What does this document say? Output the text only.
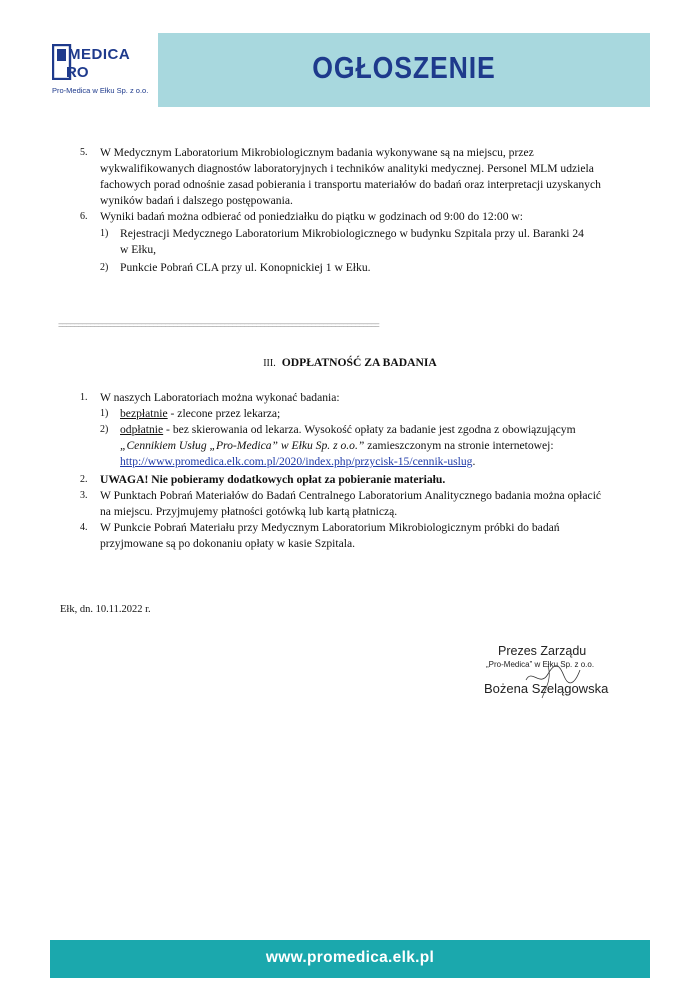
MEDICA
RO
Pro-Medica w Ełku Sp. z o.o.
OGŁOSZENIE
5. W Medycznym Laboratorium Mikrobiologicznym badania wykonywane są na miejscu, przez
wykwalifikowanych diagnostów laboratoryjnych i techników analityki medycznej. Personel MLM udziela
fachowych porad odnośnie zasad pobierania i transportu materiałów do badań oraz interpretacji uzyskanych
wyników badań i dalszego postępowania.
6. Wyniki badań można odbierać od poniedziałku do piątku w godzinach od 9:00 do 12:00 w:
1) Rejestracji Medycznego Laboratorium Mikrobiologicznego w budynku Szpitala przy ul. Baranki 24
w Ełku,
2) Punkcie Pobrań CLA przy ul. Konopnickiej 1 w Ełku.
=================================================================================
III. ODPŁATNOŚĆ ZA BADANIA
1. W naszych Laboratoriach można wykonać badania:
1) bezpłatnie - zlecone przez lekarza;
2) odpłatnie - bez skierowania od lekarza. Wysokość opłaty za badanie jest zgodna z obowiązującym
„Cennikiem Usług „Pro-Medica” w Ełku Sp. z o.o.” zamieszczonym na stronie internetowej:
http://www.promedica.elk.com.pl/2020/index.php/przycisk-15/cennik-uslug.
2. UWAGA! Nie pobieramy dodatkowych opłat za pobieranie materiału.
3. W Punktach Pobrań Materiałów do Badań Centralnego Laboratorium Analitycznego badania można opłacić
na miejscu. Przyjmujemy płatności gotówką lub kartą płatniczą.
4. W Punkcie Pobrań Materiału przy Medycznym Laboratorium Mikrobiologicznym próbki do badań
przyjmowane są po dokonaniu opłaty w kasie Szpitala.
Ełk, dn. 10.11.2022 r.
Prezes Zarządu
„Pro-Medica” w Ełku Sp. z o.o.
Bożena Szelągowska
www.promedica.elk.pl
